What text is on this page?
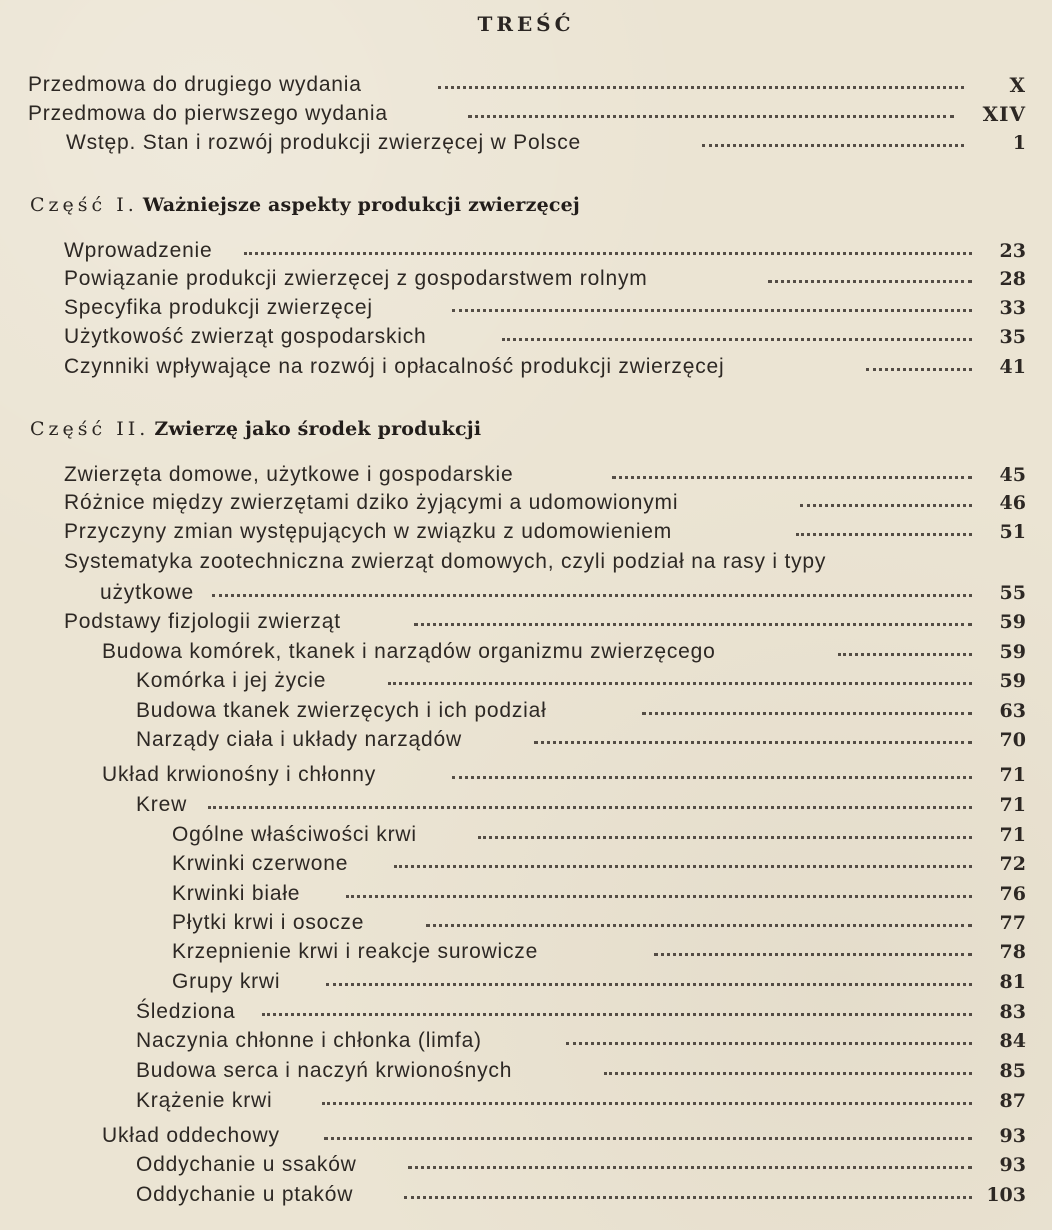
TREŚĆ
Przedmowa do drugiego wydania	X
Przedmowa do pierwszego wydania	XIV
Wstęp. Stan i rozwój produkcji zwierzęcej w Polsce	1
Część I. Ważniejsze aspekty produkcji zwierzęcej
Wprowadzenie	23
Powiązanie produkcji zwierzęcej z gospodarstwem rolnym	28
Specyfika produkcji zwierzęcej	33
Użytkowość zwierząt gospodarskich	35
Czynniki wpływające na rozwój i opłacalność produkcji zwierzęcej	41
Część II. Zwierzę jako środek produkcji
Zwierzęta domowe, użytkowe i gospodarskie	45
Różnice między zwierzętami dziko żyjącymi a udomowionymi	46
Przyczyny zmian występujących w związku z udomowieniem	51
Systematyka zootechniczna zwierząt domowych, czyli podział na rasy i typy
użytkowe	55
Podstawy fizjologii zwierząt	59
Budowa komórek, tkanek i narządów organizmu zwierzęcego	59
Komórka i jej życie	59
Budowa tkanek zwierzęcych i ich podział	63
Narządy ciała i układy narządów	70
Układ krwionośny i chłonny	71
Krew	71
Ogólne właściwości krwi	71
Krwinki czerwone	72
Krwinki białe	76
Płytki krwi i osocze	77
Krzepnienie krwi i reakcje surowicze	78
Grupy krwi	81
Śledziona	83
Naczynia chłonne i chłonka (limfa)	84
Budowa serca i naczyń krwionośnych	85
Krążenie krwi	87
Układ oddechowy	93
Oddychanie u ssaków	93
Oddychanie u ptaków	103
